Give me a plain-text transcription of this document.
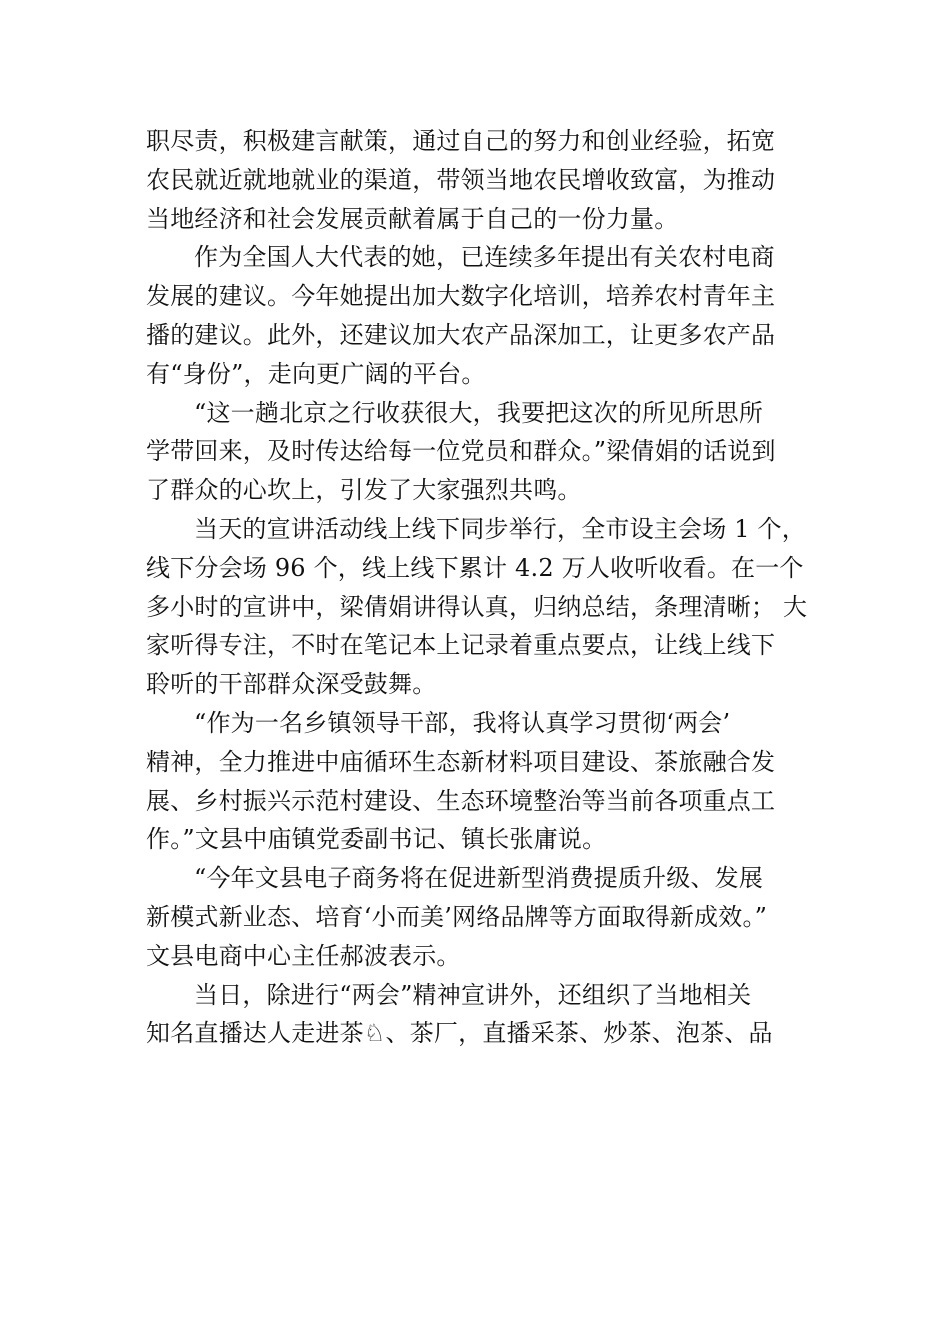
职尽责，积极建言献策，通过自己的努力和创业经验，拓宽
农民就近就地就业的渠道，带领当地农民增收致富，为推动
当地经济和社会发展贡献着属于自己的一份力量。
作为全国人大代表的她，已连续多年提出有关农村电商
发展的建议。今年她提出加大数字化培训，培养农村青年主
播的建议。此外，还建议加大农产品深加工，让更多农产品
有“身份”，走向更广阔的平台。
“这一趟北京之行收获很大，我要把这次的所见所思所
学带回来，及时传达给每一位党员和群众。”梁倩娟的话说到
了群众的心坎上，引发了大家强烈共鸣。
当天的宣讲活动线上线下同步举行，全市设主会场 1 个，
线下分会场 96 个，线上线下累计 4.2 万人收听收看。在一个
多小时的宣讲中，梁倩娟讲得认真，归纳总结，条理清晰； 大
家听得专注，不时在笔记本上记录着重点要点，让线上线下
聆听的干部群众深受鼓舞。
“作为一名乡镇领导干部，我将认真学习贯彻‘两会’
精神，全力推进中庙循环生态新材料项目建设、茶旅融合发
展、乡村振兴示范村建设、生态环境整治等当前各项重点工
作。”文县中庙镇党委副书记、镇长张庸说。
“今年文县电子商务将在促进新型消费提质升级、发展
新模式新业态、培育‘小而美’网络品牌等方面取得新成效。”
文县电商中心主任郝波表示。
当日，除进行“两会”精神宣讲外，还组织了当地相关
知名直播达人走进茶♘、茶厂，直播采茶、炒茶、泡茶、品
